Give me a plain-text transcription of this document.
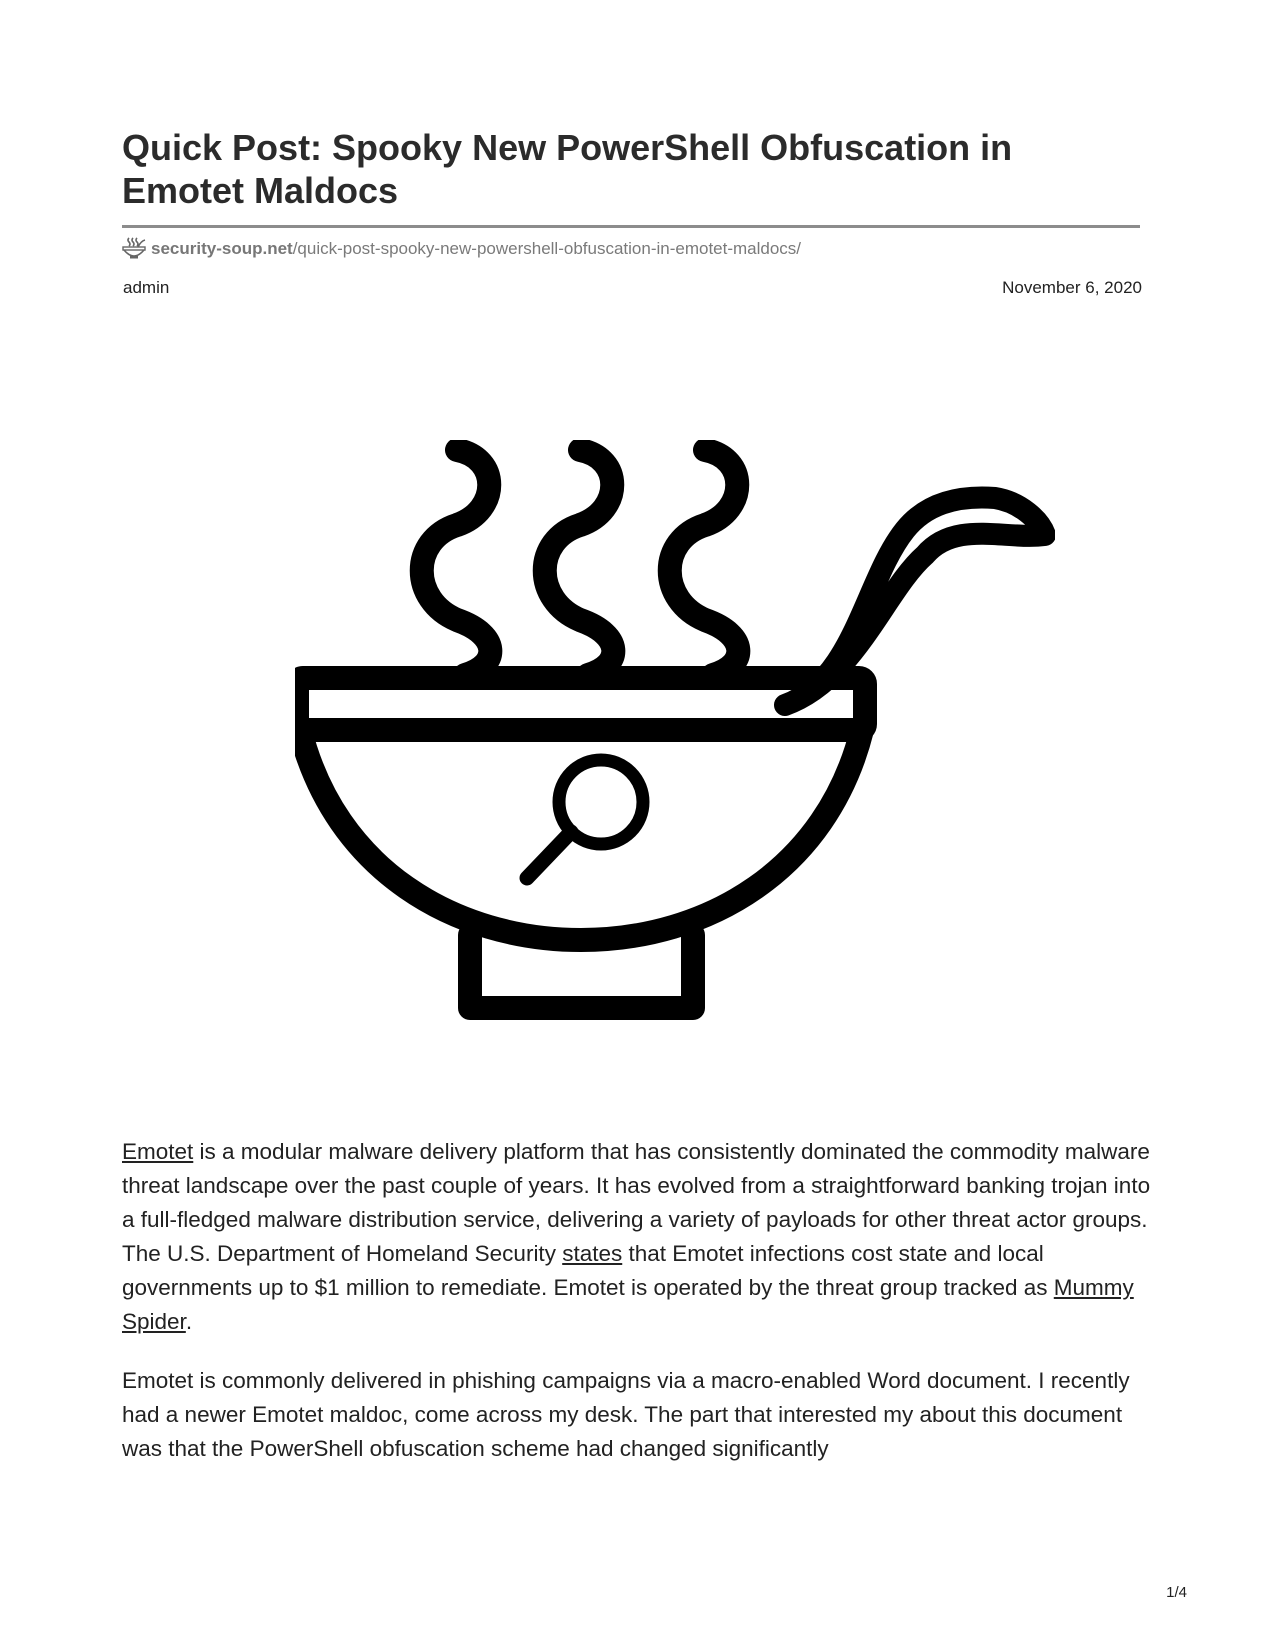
Quick Post: Spooky New PowerShell Obfuscation in Emotet Maldocs
security-soup.net/quick-post-spooky-new-powershell-obfuscation-in-emotet-maldocs/
admin	November 6, 2020

Emotet is a modular malware delivery platform that has consistently dominated the commodity malware threat landscape over the past couple of years. It has evolved from a straightforward banking trojan into a full-fledged malware distribution service, delivering a variety of payloads for other threat actor groups. The U.S. Department of Homeland Security states that Emotet infections cost state and local governments up to $1 million to remediate. Emotet is operated by the threat group tracked as Mummy Spider.

Emotet is commonly delivered in phishing campaigns via a macro-enabled Word document. I recently had a newer Emotet maldoc, come across my desk. The part that interested my about this document was that the PowerShell obfuscation scheme had changed significantly

1/4
